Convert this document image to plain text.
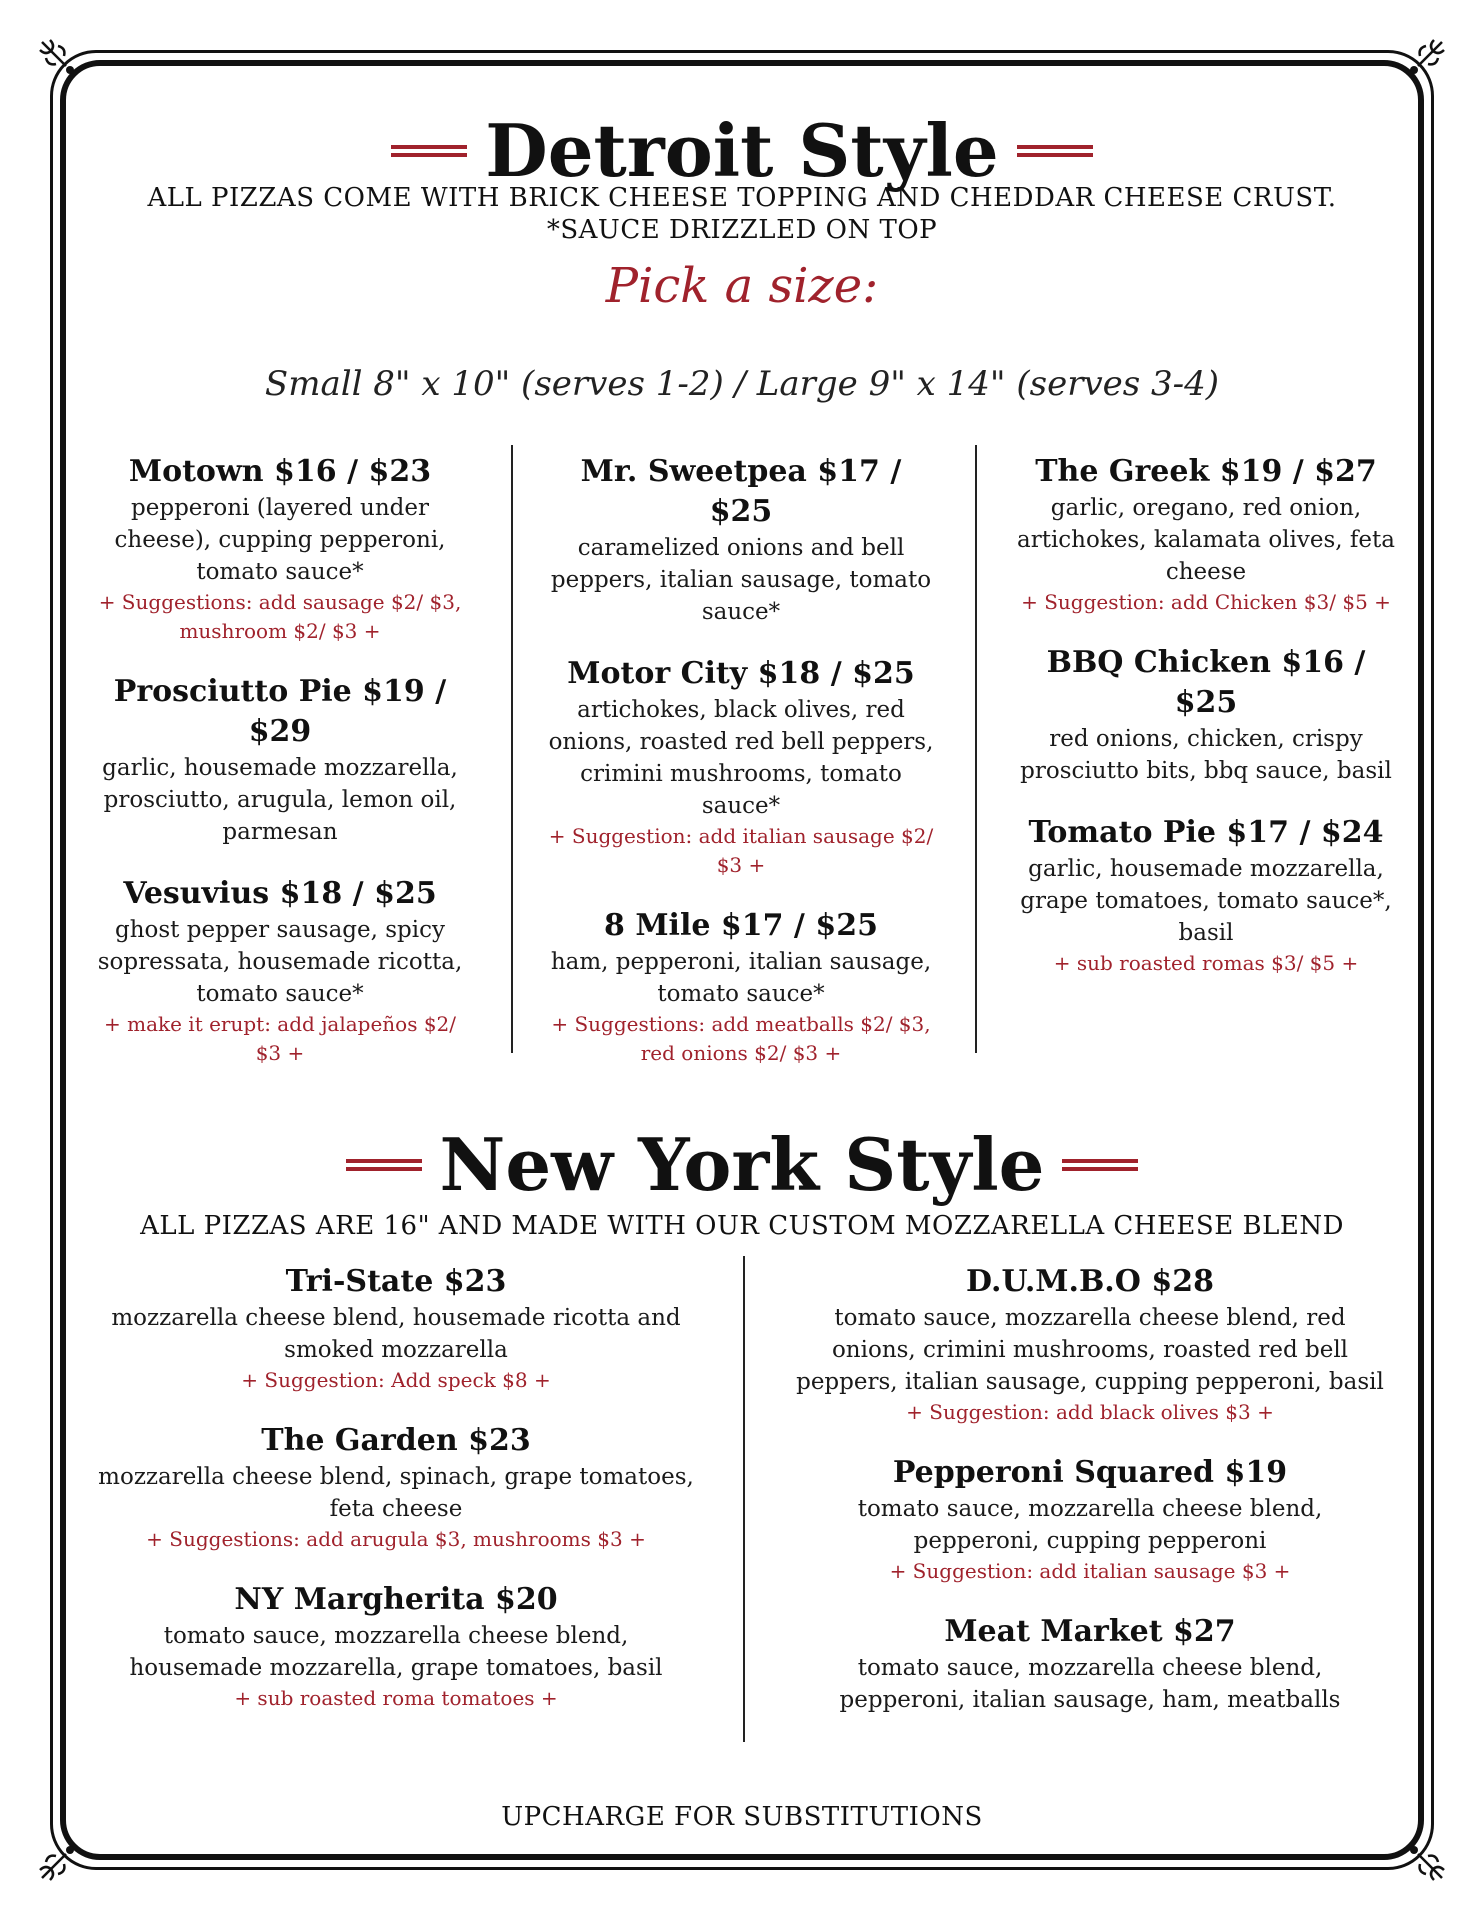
Detroit Style
ALL PIZZAS COME WITH BRICK CHEESE TOPPING AND CHEDDAR CHEESE CRUST.
*SAUCE DRIZZLED ON TOP
Pick a size:
Small 8" x 10" (serves 1-2) / Large 9" x 14" (serves 3-4)
Motown $16 / $23
pepperoni (layered under cheese), cupping pepperoni, tomato sauce*
+ Suggestions: add sausage $2/ $3, mushroom $2/ $3 +
Prosciutto Pie $19 / $29
garlic, housemade mozzarella, prosciutto, arugula, lemon oil, parmesan
Vesuvius $18 / $25
ghost pepper sausage, spicy sopressata, housemade ricotta, tomato sauce*
+ make it erupt: add jalapeños $2/ $3 +
Mr. Sweetpea $17 / $25
caramelized onions and bell peppers, italian sausage, tomato sauce*
Motor City $18 / $25
artichokes, black olives, red onions, roasted red bell peppers, crimini mushrooms, tomato sauce*
+ Suggestion: add italian sausage $2/ $3 +
8 Mile $17 / $25
ham, pepperoni, italian sausage, tomato sauce*
+ Suggestions: add meatballs $2/ $3, red onions $2/ $3 +
The Greek $19 / $27
garlic, oregano, red onion, artichokes, kalamata olives, feta cheese
+ Suggestion: add Chicken $3/ $5 +
BBQ Chicken $16 / $25
red onions, chicken, crispy prosciutto bits, bbq sauce, basil
Tomato Pie $17 / $24
garlic, housemade mozzarella, grape tomatoes, tomato sauce*, basil
+ sub roasted romas $3/ $5 +
New York Style
ALL PIZZAS ARE 16" AND MADE WITH OUR CUSTOM MOZZARELLA CHEESE BLEND
Tri-State $23
mozzarella cheese blend, housemade ricotta and smoked mozzarella
+ Suggestion: Add speck $8 +
The Garden $23
mozzarella cheese blend, spinach, grape tomatoes, feta cheese
+ Suggestions: add arugula $3, mushrooms $3 +
NY Margherita $20
tomato sauce, mozzarella cheese blend, housemade mozzarella, grape tomatoes, basil
+ sub roasted roma tomatoes +
D.U.M.B.O $28
tomato sauce, mozzarella cheese blend, red onions, crimini mushrooms, roasted red bell peppers, italian sausage, cupping pepperoni, basil
+ Suggestion: add black olives $3 +
Pepperoni Squared $19
tomato sauce, mozzarella cheese blend, pepperoni, cupping pepperoni
+ Suggestion: add italian sausage $3 +
Meat Market $27
tomato sauce, mozzarella cheese blend, pepperoni, italian sausage, ham, meatballs
UPCHARGE FOR SUBSTITUTIONS
